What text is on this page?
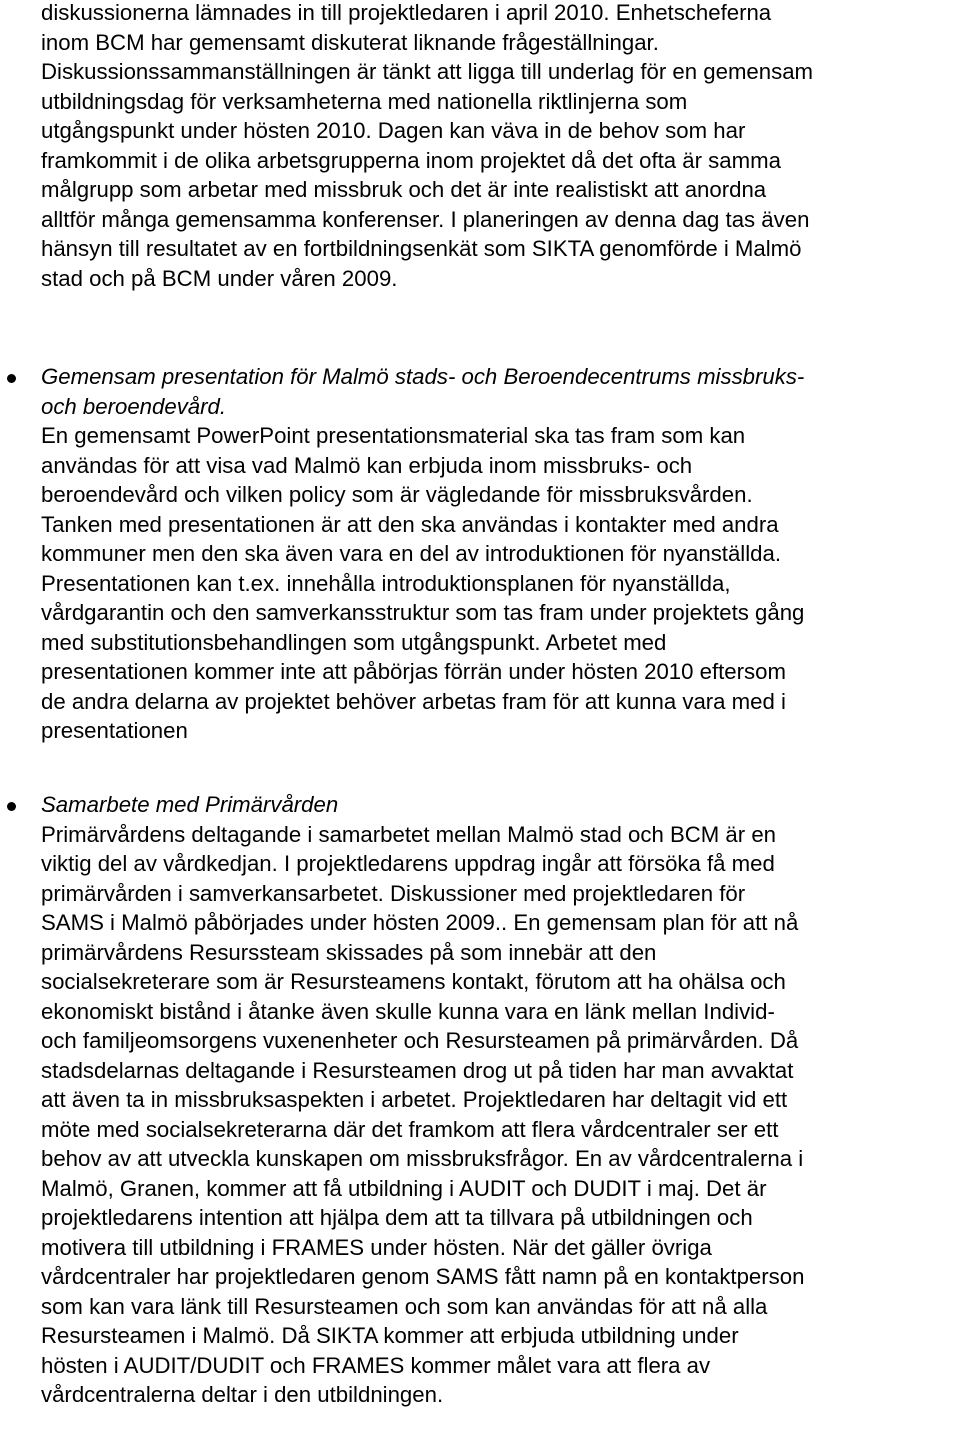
diskussionerna lämnades in till projektledaren i april 2010. Enhetscheferna
inom BCM har gemensamt diskuterat liknande frågeställningar.
Diskussionssammanställningen är tänkt att ligga till underlag för en gemensam
utbildningsdag för verksamheterna med nationella riktlinjerna som
utgångspunkt under hösten 2010. Dagen kan väva in de behov som har
framkommit i de olika arbetsgrupperna inom projektet då det ofta är samma
målgrupp som arbetar med missbruk och det är inte realistiskt att anordna
alltför många gemensamma konferenser. I planeringen av denna dag tas även
hänsyn till resultatet av en fortbildningsenkät som SIKTA genomförde i Malmö
stad och på BCM under våren 2009.
Gemensam presentation för Malmö stads- och Beroendecentrums missbruks-
och beroendevård.
En gemensamt PowerPoint presentationsmaterial ska tas fram som kan
användas för att visa vad Malmö kan erbjuda inom missbruks- och
beroendevård och vilken policy som är vägledande för missbruksvården.
Tanken med presentationen är att den ska användas i kontakter med andra
kommuner men den ska även vara en del av introduktionen för nyanställda.
Presentationen kan t.ex. innehålla introduktionsplanen för nyanställda,
vårdgarantin och den samverkansstruktur som tas fram under projektets gång
med substitutionsbehandlingen som utgångspunkt. Arbetet med
presentationen kommer inte att påbörjas förrän under hösten 2010 eftersom
de andra delarna av projektet behöver arbetas fram för att kunna vara med i
presentationen
Samarbete med Primärvården
Primärvårdens deltagande i samarbetet mellan Malmö stad och BCM är en
viktig del av vårdkedjan. I projektledarens uppdrag ingår att försöka få med
primärvården i samverkansarbetet. Diskussioner med projektledaren för
SAMS i Malmö påbörjades under hösten 2009.. En gemensam plan för att nå
primärvårdens Resurssteam skissades på som innebär att den
socialsekreterare som är Resursteamens kontakt, förutom att ha ohälsa och
ekonomiskt bistånd i åtanke även skulle kunna vara en länk mellan Individ-
och familjeomsorgens vuxenenheter och Resursteamen på primärvården. Då
stadsdelarnas deltagande i Resursteamen drog ut på tiden har man avvaktat
att även ta in missbruksaspekten i arbetet. Projektledaren har deltagit vid ett
möte med socialsekreterarna där det framkom att flera vårdcentraler ser ett
behov av att utveckla kunskapen om missbruksfrågor. En av vårdcentralerna i
Malmö, Granen, kommer att få utbildning i AUDIT och DUDIT i maj. Det är
projektledarens intention att hjälpa dem att ta tillvara på utbildningen och
motivera till utbildning i FRAMES under hösten. När det gäller övriga
vårdcentraler har projektledaren genom SAMS fått namn på en kontaktperson
som kan vara länk till Resursteamen och som kan användas för att nå alla
Resursteamen i Malmö. Då SIKTA kommer att erbjuda utbildning under
hösten i AUDIT/DUDIT och FRAMES kommer målet vara att flera av
vårdcentralerna deltar i den utbildningen.
